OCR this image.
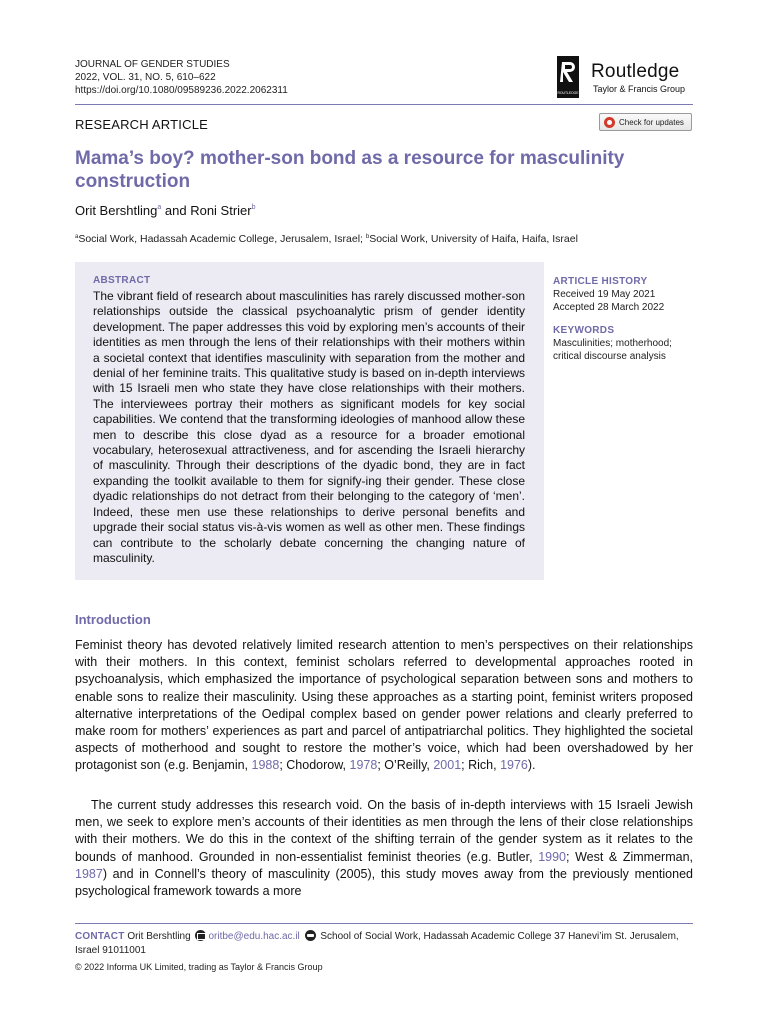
JOURNAL OF GENDER STUDIES
2022, VOL. 31, NO. 5, 610–622
https://doi.org/10.1080/09589236.2022.2062311	ROUTLEDGE
Routledge
Taylor & Francis Group
RESEARCH ARTICLE	Check for updates
Mama’s boy? mother-son bond as a resource for masculinity construction
Orit Bershtling$^a$ and Roni Strier$^b$
$^a$Social Work, Hadassah Academic College, Jerusalem, Israel; $^b$Social Work, University of Haifa, Haifa, Israel
ABSTRACT
The vibrant field of research about masculinities has rarely discussed mother-son relationships outside the classical psychoanalytic prism of gender identity development. The paper addresses this void by exploring men’s accounts of their identities as men through the lens of their relationships with their mothers within a societal context that identifies masculinity with separation from the mother and denial of her feminine traits. This qualitative study is based on in-depth interviews with 15 Israeli men who state they have close relationships with their mothers. The interviewees portray their mothers as significant models for key social capabilities. We contend that the transforming ideologies of manhood allow these men to describe this close dyad as a resource for a broader emotional vocabulary, heterosexual attractiveness, and for ascending the Israeli hierarchy of masculinity. Through their descriptions of the dyadic bond, they are in fact expanding the toolkit available to them for signify-ing their gender. These close dyadic relationships do not detract from their belonging to the category of ‘men’. Indeed, these men use these relationships to derive personal benefits and upgrade their social status vis-à-vis women as well as other men. These findings can contribute to the scholarly debate concerning the changing nature of masculinity.
ARTICLE HISTORY
Received 19 May 2021
Accepted 28 March 2022
KEYWORDS
Masculinities; motherhood;
critical discourse analysis
Introduction
Feminist theory has devoted relatively limited research attention to men’s perspectives on their relationships with their mothers. In this context, feminist scholars referred to developmental approaches rooted in psychoanalysis, which emphasized the importance of psychological separation between sons and mothers to enable sons to realize their masculinity. Using these approaches as a starting point, feminist writers proposed alternative interpretations of the Oedipal complex based on gender power relations and clearly preferred to make room for mothers’ experiences as part and parcel of antipatriarchal politics. They highlighted the societal aspects of motherhood and sought to restore the mother’s voice, which had been overshadowed by her protagonist son (e.g. Benjamin, 1988; Chodorow, 1978; O’Reilly, 2001; Rich, 1976).
The current study addresses this research void. On the basis of in-depth interviews with 15 Israeli Jewish men, we seek to explore men’s accounts of their identities as men through the lens of their close relationships with their mothers. We do this in the context of the shifting terrain of the gender system as it relates to the bounds of manhood. Grounded in non-essentialist feminist theories (e.g. Butler, 1990; West & Zimmerman, 1987) and in Connell’s theory of masculinity (2005), this study moves away from the previously mentioned psychological framework towards a more
CONTACT Orit Bershtling oritbe@edu.hac.ac.il  School of Social Work, Hadassah Academic College 37 Hanevi’im St. Jerusalem, Israel 91011001
© 2022 Informa UK Limited, trading as Taylor & Francis Group
